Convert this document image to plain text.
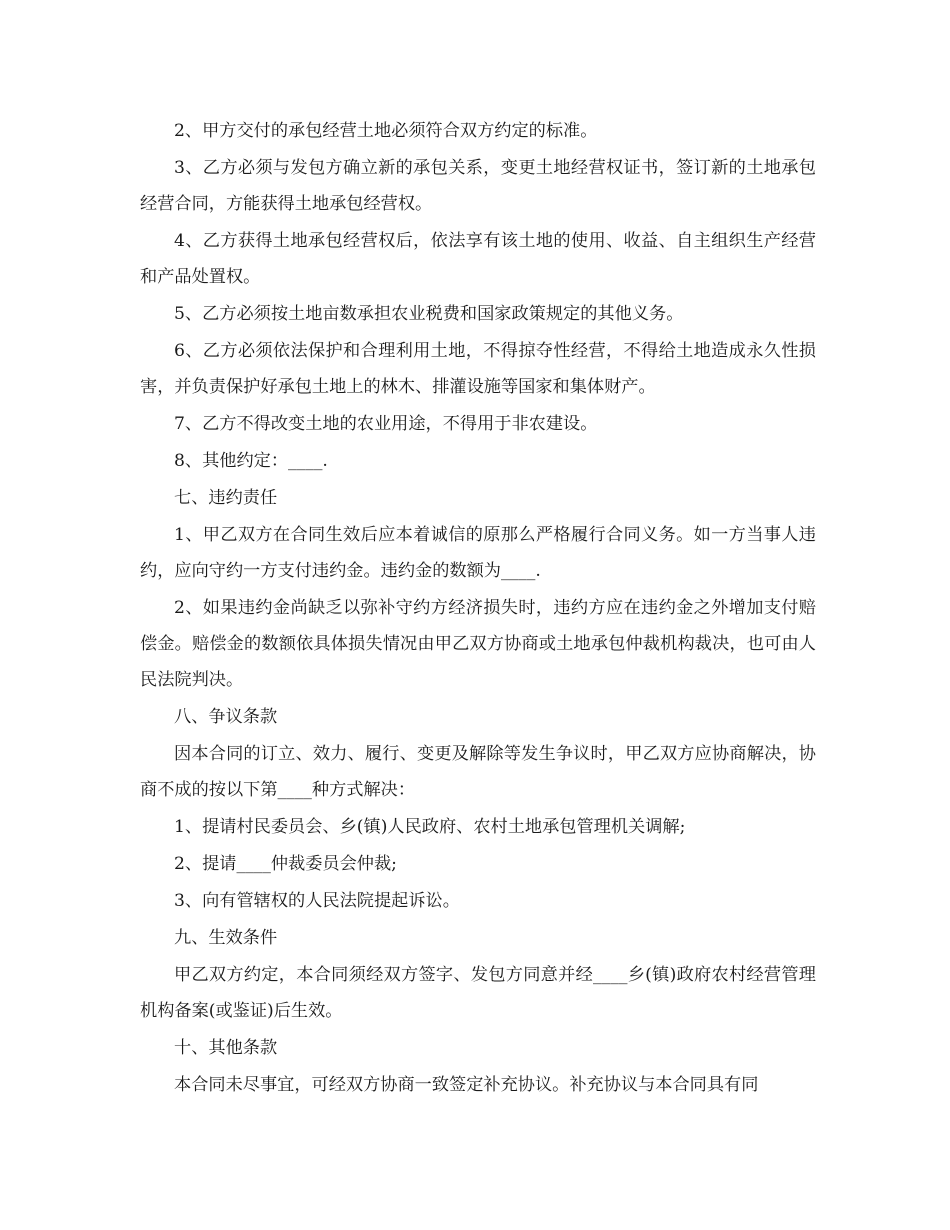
2、甲方交付的承包经营土地必须符合双方约定的标准。

3、乙方必须与发包方确立新的承包关系，变更土地经营权证书，签订新的土地承包经营合同，方能获得土地承包经营权。

4、乙方获得土地承包经营权后，依法享有该土地的使用、收益、自主组织生产经营和产品处置权。

5、乙方必须按土地亩数承担农业税费和国家政策规定的其他义务。

6、乙方必须依法保护和合理利用土地，不得掠夺性经营，不得给土地造成永久性损害，并负责保护好承包土地上的林木、排灌设施等国家和集体财产。

7、乙方不得改变土地的农业用途，不得用于非农建设。

8、其他约定：____.

七、违约责任

1、甲乙双方在合同生效后应本着诚信的原那么严格履行合同义务。如一方当事人违约，应向守约一方支付违约金。违约金的数额为____.

2、如果违约金尚缺乏以弥补守约方经济损失时，违约方应在违约金之外增加支付赔偿金。赔偿金的数额依具体损失情况由甲乙双方协商或土地承包仲裁机构裁决，也可由人民法院判决。

八、争议条款

因本合同的订立、效力、履行、变更及解除等发生争议时，甲乙双方应协商解决，协商不成的按以下第____种方式解决：

1、提请村民委员会、乡(镇)人民政府、农村土地承包管理机关调解;

2、提请____仲裁委员会仲裁;

3、向有管辖权的人民法院提起诉讼。

九、生效条件

甲乙双方约定，本合同须经双方签字、发包方同意并经____乡(镇)政府农村经营管理机构备案(或鉴证)后生效。

十、其他条款

本合同未尽事宜，可经双方协商一致签定补充协议。补充协议与本合同具有同
